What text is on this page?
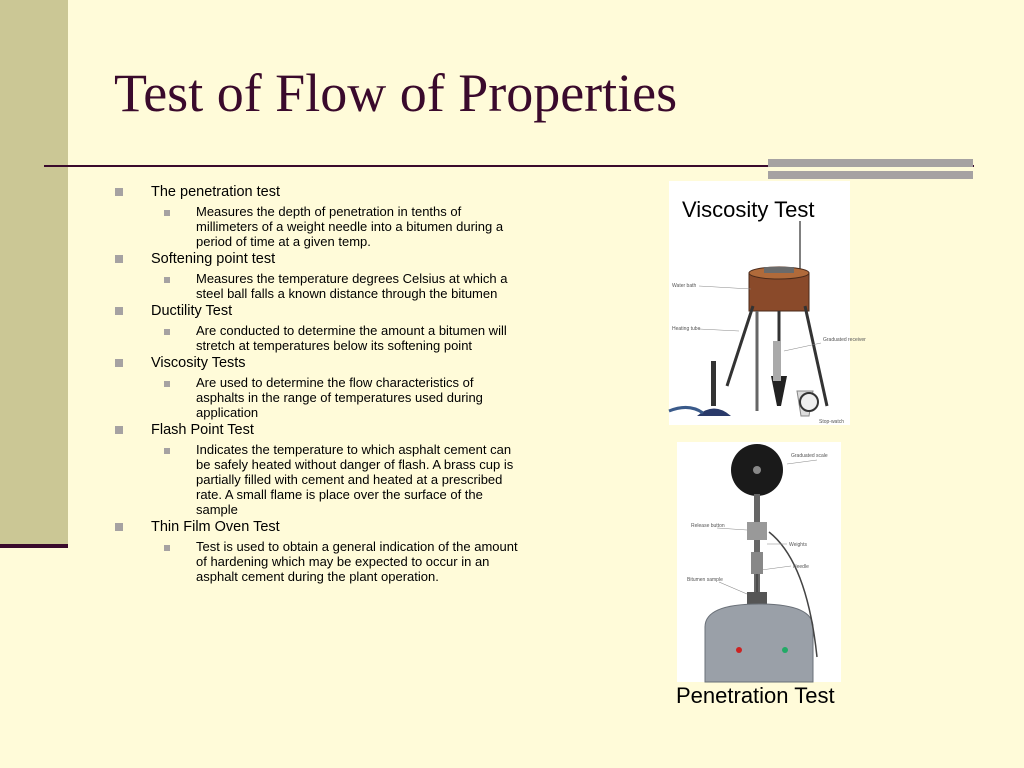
Test of Flow of Properties
The penetration test
Measures the depth of penetration in tenths of millimeters of a weight needle into a bitumen during a period of time at a given temp.
Softening point test
Measures the temperature degrees Celsius at which a steel ball falls a known distance through the bitumen
Ductility Test
Are conducted to determine the amount a bitumen will stretch at temperatures below its softening point
Viscosity Tests
Are used to determine the flow characteristics of asphalts in the range of temperatures used during application
Flash Point Test
Indicates the temperature to which asphalt cement can be safely heated without danger of flash. A brass cup is partially filled with cement and heated at a prescribed rate. A small flame is place over the surface of the sample
Thin Film Oven Test
Test is used to obtain a general indication of the amount of hardening which may be expected to occur in an asphalt cement during the plant operation.
Water bath
Heating tube
Graduated receiver
Stop-watch
Viscosity Test
Graduated scale
Release button
Weights
Needle
Bitumen sample
Penetration Test
